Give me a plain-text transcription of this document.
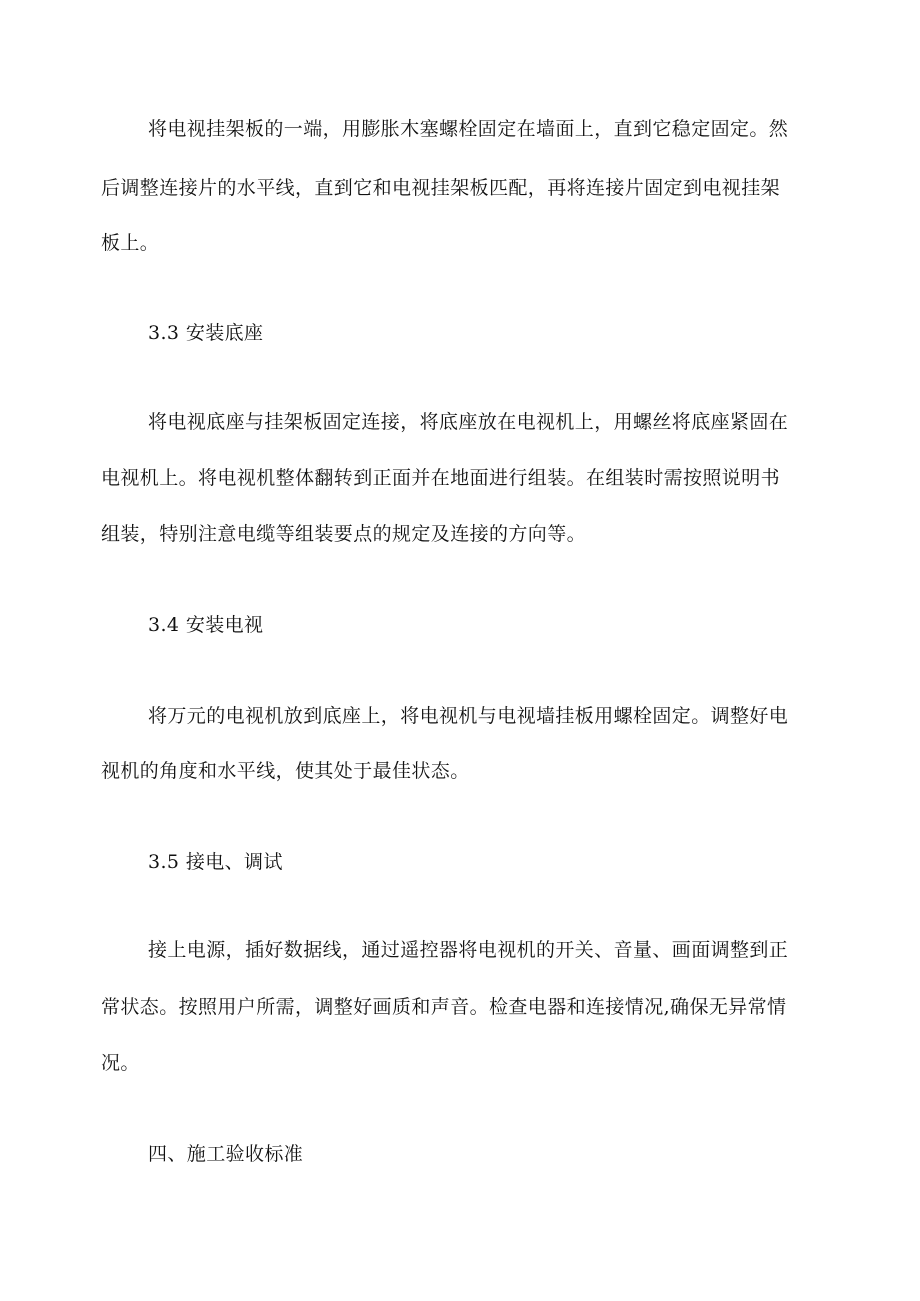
将电视挂架板的一端，用膨胀木塞螺栓固定在墙面上，直到它稳定固定。然

后调整连接片的水平线，直到它和电视挂架板匹配，再将连接片固定到电视挂架

板上。

3.3 安装底座

将电视底座与挂架板固定连接，将底座放在电视机上，用螺丝将底座紧固在

电视机上。将电视机整体翻转到正面并在地面进行组装。在组装时需按照说明书

组装，特别注意电缆等组装要点的规定及连接的方向等。

3.4 安装电视

将万元的电视机放到底座上，将电视机与电视墙挂板用螺栓固定。调整好电

视机的角度和水平线，使其处于最佳状态。

3.5 接电、调试

接上电源，插好数据线，通过遥控器将电视机的开关、音量、画面调整到正

常状态。按照用户所需，调整好画质和声音。检查电器和连接情况,确保无异常情

况。

四、施工验收标准
